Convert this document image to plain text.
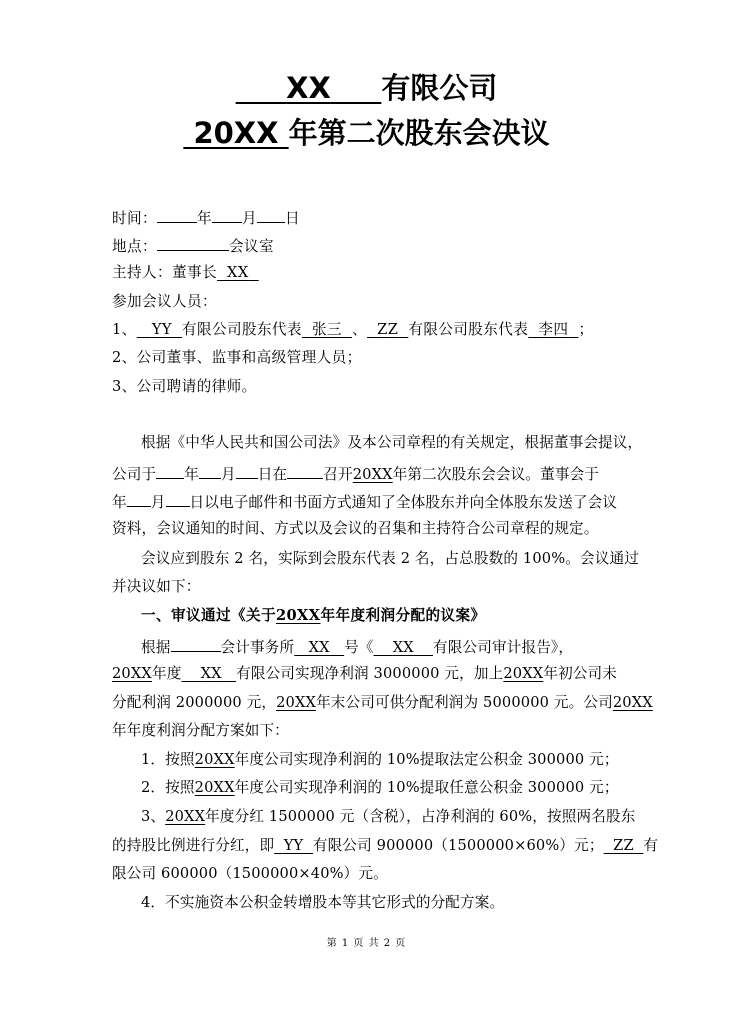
XX 有限公司
20XX 年第二次股东会决议
时间：	年 月 日
地点：	会议室
主持人：董事长 XX
参加会议人员：
1、 YY 有限公司股东代表 张三 、 ZZ 有限公司股东代表 李四 ；
2、公司董事、监事和高级管理人员；
3、公司聘请的律师。
根据《中华人民共和国公司法》及本公司章程的有关规定，根据董事会提议，
公司于 年 月 日在 召开20XX年第二次股东会会议。董事会于
年 月 日以电子邮件和书面方式通知了全体股东并向全体股东发送了会议
资料，会议通知的时间、方式以及会议的召集和主持符合公司章程的规定。
会议应到股东 2 名，实际到会股东代表 2 名，占总股数的 100%。会议通过
并决议如下：
一、审议通过《关于20XX年年度利润分配的议案》
根据	会计事务所 XX 号《 XX 有限公司审计报告》，
20XX年度 XX 有限公司实现净利润 3000000 元，加上20XX年初公司未
分配利润 2000000 元，20XX年末公司可供分配利润为 5000000 元。公司20XX
年年度利润分配方案如下：
1．按照20XX年度公司实现净利润的 10%提取法定公积金 300000 元；
2．按照20XX年度公司实现净利润的 10%提取任意公积金 300000 元；
3、20XX年度分红 1500000 元（含税），占净利润的 60%，按照两名股东
的持股比例进行分红，即 YY 有限公司 900000（1500000×60%）元； ZZ 有
限公司 600000（1500000×40%）元。
4．不实施资本公积金转增股本等其它形式的分配方案。
第 1 页 共 2 页
